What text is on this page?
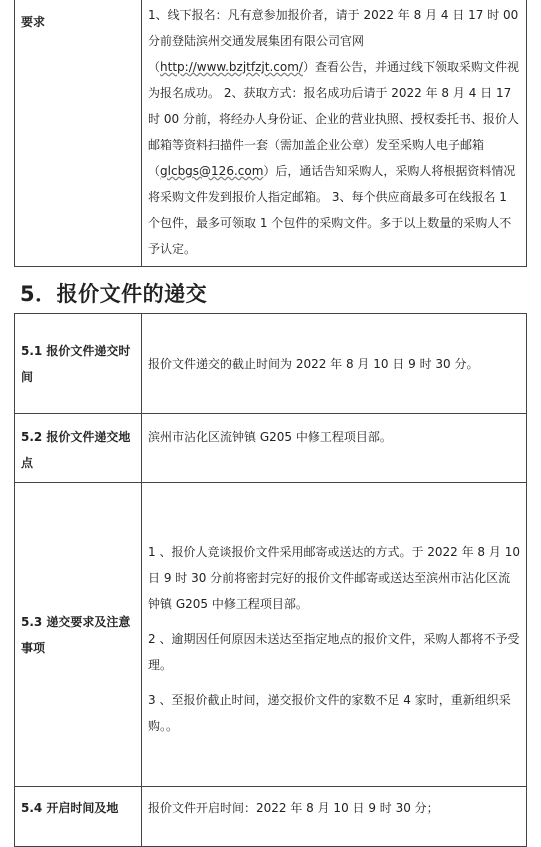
要求	1、线下报名：凡有意参加报价者，请于 2022 年 8 月 4 日 17 时 00 分前登陆滨州交通发展集团有限公司官网（http://www.bzjtfzjt.com/）查看公告，并通过线下领取采购文件视为报名成功。 2、获取方式：报名成功后请于 2022 年 8 月 4 日 17 时 00 分前，将经办人身份证、企业的营业执照、授权委托书、报价人邮箱等资料扫描件一套（需加盖企业公章）发至采购人电子邮箱（glcbgs@126.com）后，通话告知采购人，采购人将根据资料情况将采购文件发到报价人指定邮箱。 3、每个供应商最多可在线报名 1 个包件，最多可领取 1 个包件的采购文件。多于以上数量的采购人不予认定。
5．报价文件的递交
5.1 报价文件递交时间	报价文件递交的截止时间为 2022 年 8 月 10 日 9 时 30 分。
5.2 报价文件递交地点	滨州市沾化区流钟镇 G205 中修工程项目部。
5.3 递交要求及注意事项	1 、报价人竞谈报价文件采用邮寄或送达的方式。于 2022 年 8 月 10 日 9 时 30 分前将密封完好的报价文件邮寄或送达至滨州市沾化区流钟镇 G205 中修工程项目部。
2 、逾期因任何原因未送达至指定地点的报价文件，采购人都将不予受理。
3 、至报价截止时间，递交报价文件的家数不足 4 家时，重新组织采购。。

5.4 开启时间及地	报价文件开启时间：2022 年 8 月 10 日 9 时 30 分；
